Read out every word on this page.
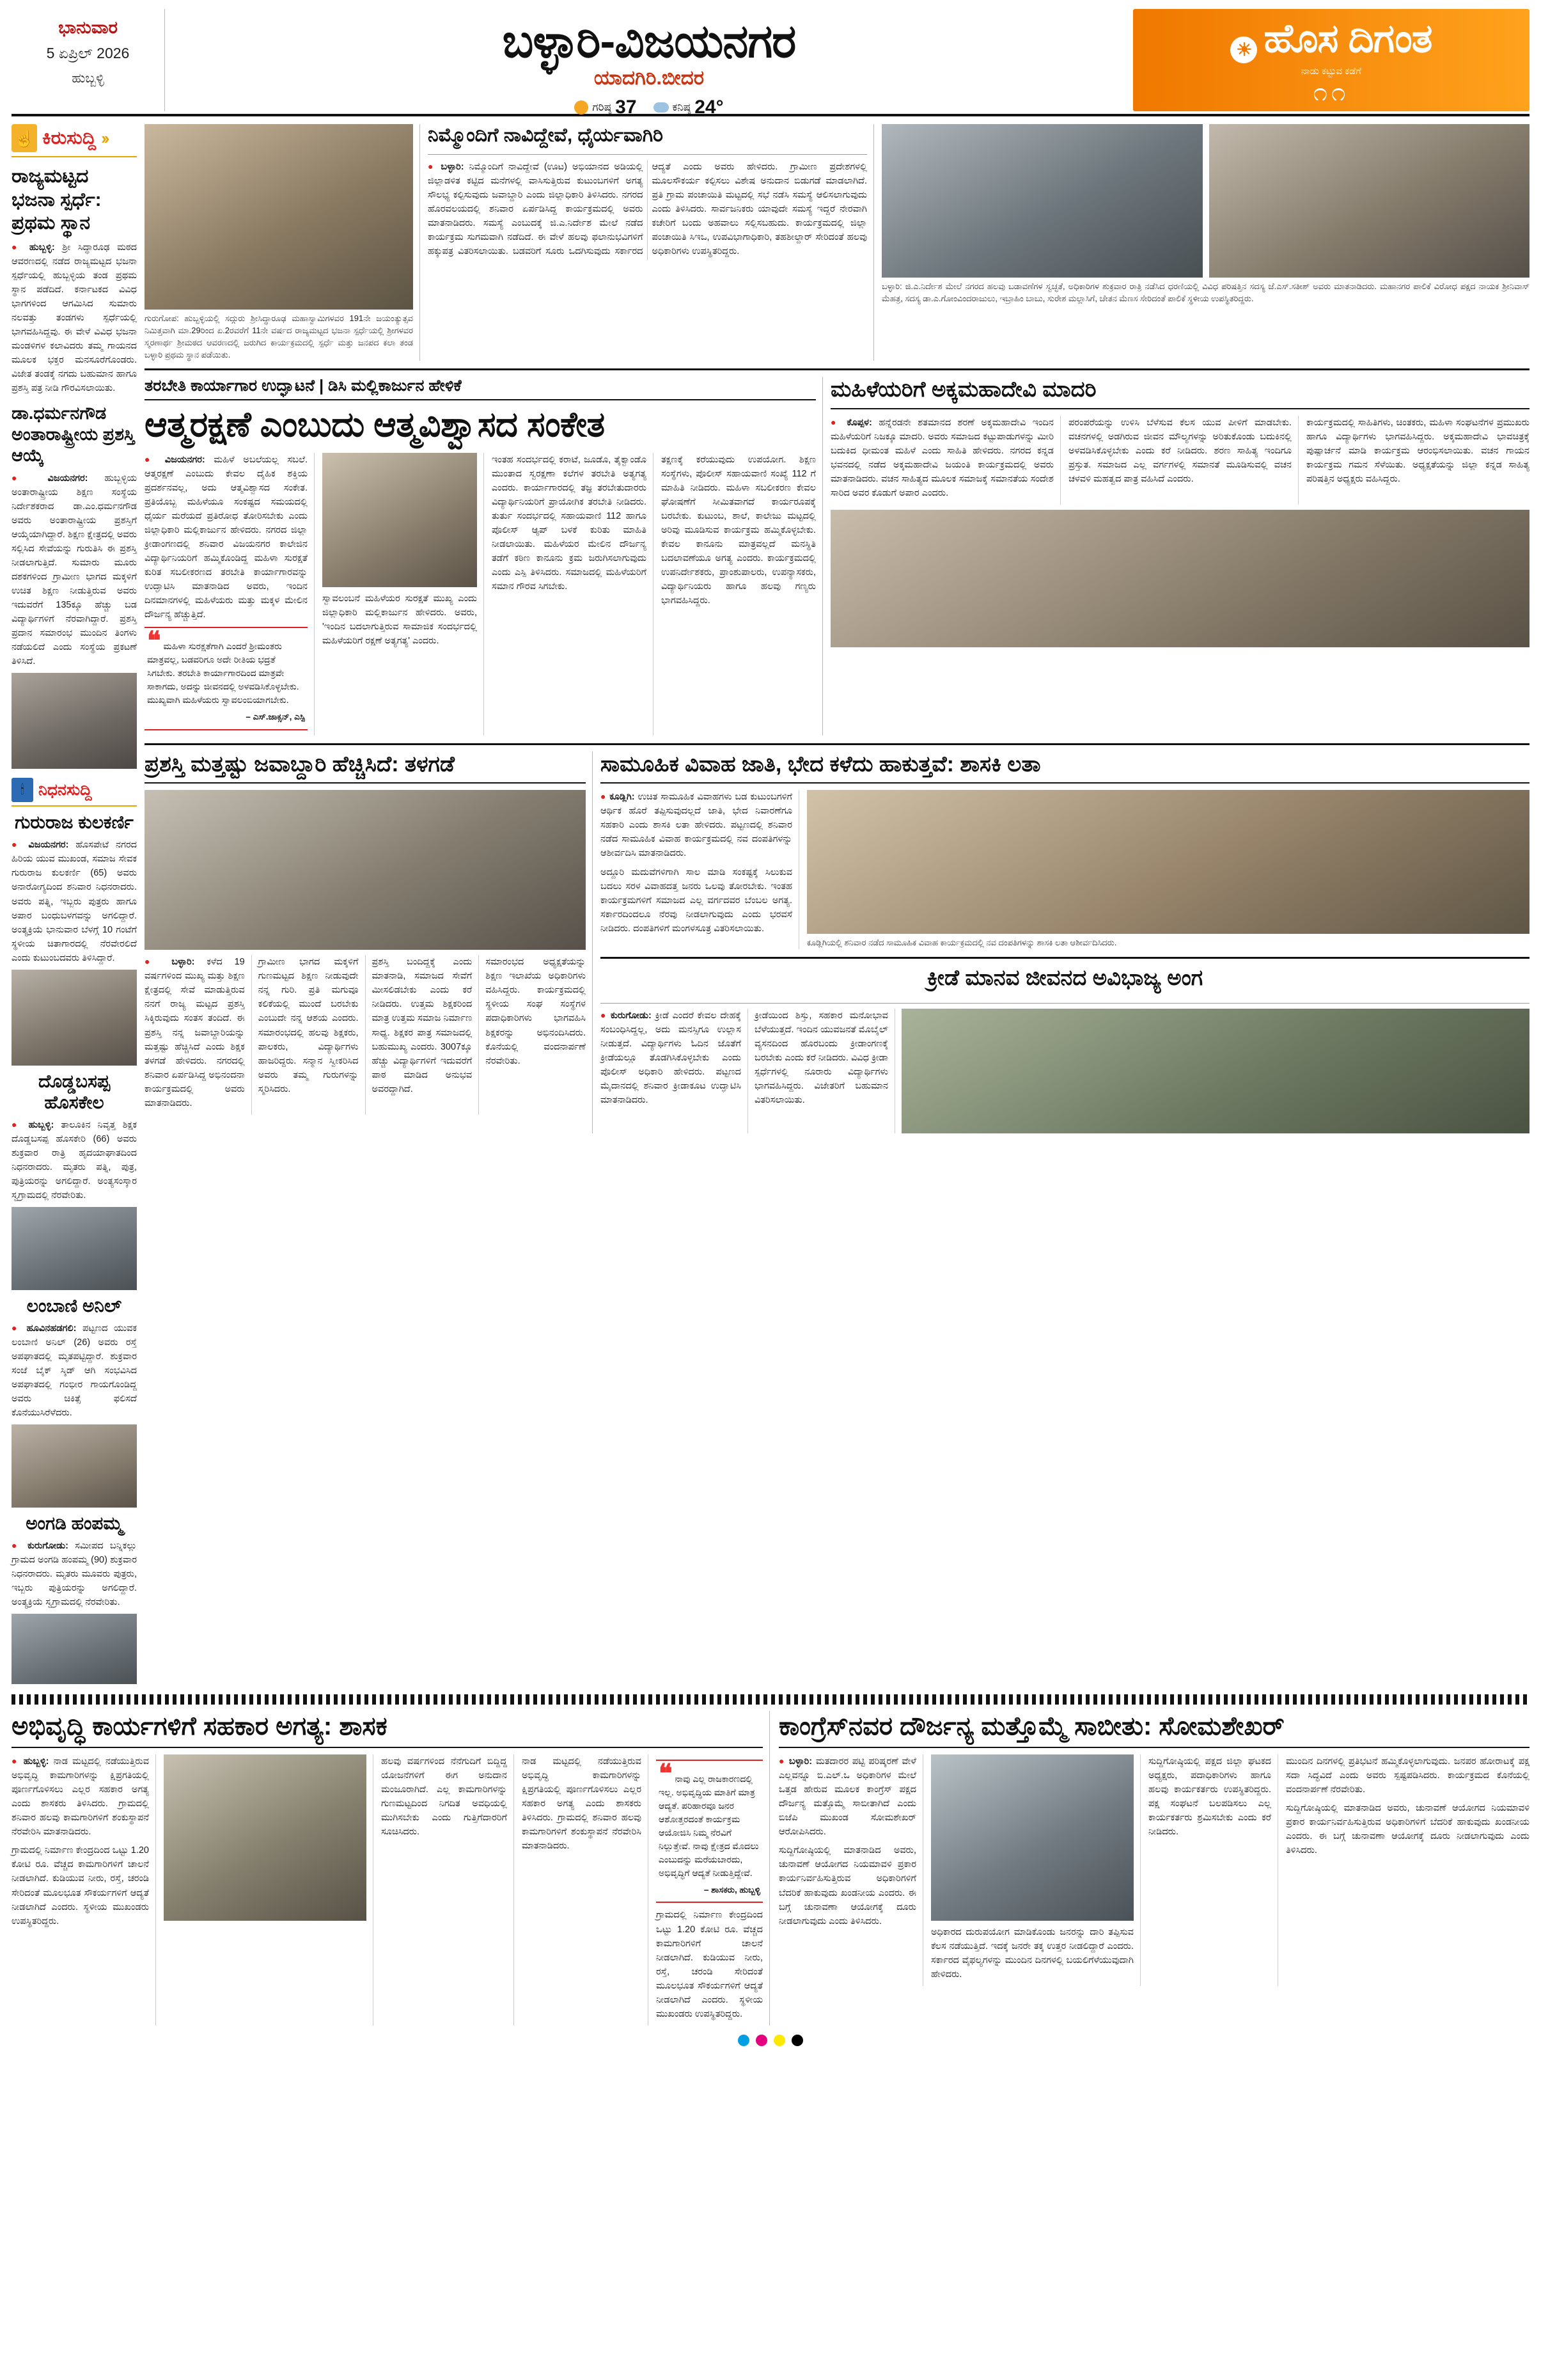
ಭಾನುವಾರ
5 ಏಪ್ರಿಲ್ 2026
ಹುಬ್ಬಳ್ಳಿ
ಬಳ್ಳಾರಿ-ವಿಜಯನಗರ
ಯಾದಗಿರಿ.ಬೀದರ
ಗರಿಷ್ಠ 37	ಕನಿಷ್ಠ 24°
☀ ಹೊಸ ದಿಗಂತ
ನಾಡು ಕಟ್ಟುವ ಕಡೆಗೆ
೧೧
☝
ಕಿರುಸುದ್ದಿ ››
ರಾಜ್ಯಮಟ್ಟದ ಭಜನಾ ಸ್ಪರ್ಧೆ: ಪ್ರಥಮ ಸ್ಥಾನ

● ಹುಬ್ಬಳ್ಳಿ: ಶ್ರೀ ಸಿದ್ಧಾರೂಢ ಮಠದ ಆವರಣದಲ್ಲಿ ನಡೆದ ರಾಜ್ಯಮಟ್ಟದ ಭಜನಾ ಸ್ಪರ್ಧೆಯಲ್ಲಿ ಹುಬ್ಬಳ್ಳಿಯ ತಂಡ ಪ್ರಥಮ ಸ್ಥಾನ ಪಡೆದಿದೆ. ಕರ್ನಾಟಕದ ವಿವಿಧ ಭಾಗಗಳಿಂದ ಆಗಮಿಸಿದ ಸುಮಾರು ನಲವತ್ತು ತಂಡಗಳು ಸ್ಪರ್ಧೆಯಲ್ಲಿ ಭಾಗವಹಿಸಿದ್ದವು. ಈ ವೇಳೆ ವಿವಿಧ ಭಜನಾ ಮಂಡಳಿಗಳ ಕಲಾವಿದರು ತಮ್ಮ ಗಾಯನದ ಮೂಲಕ ಭಕ್ತರ ಮನಸೂರೆಗೊಂಡರು. ವಿಜೇತ ತಂಡಕ್ಕೆ ನಗದು ಬಹುಮಾನ ಹಾಗೂ ಪ್ರಶಸ್ತಿ ಪತ್ರ ನೀಡಿ ಗೌರವಿಸಲಾಯಿತು.

ಡಾ.ಧರ್ಮನಗೌಡ ಅಂತಾರಾಷ್ಟ್ರೀಯ ಪ್ರಶಸ್ತಿ ಆಯ್ಕೆ

● ವಿಜಯನಗರ: ಹುಬ್ಬಳ್ಳಿಯ ಅಂತಾರಾಷ್ಟ್ರೀಯ ಶಿಕ್ಷಣ ಸಂಸ್ಥೆಯ ನಿರ್ದೇಶಕರಾದ ಡಾ.ಎಂ.ಧರ್ಮನಗೌಡ ಅವರು ಅಂತಾರಾಷ್ಟ್ರೀಯ ಪ್ರಶಸ್ತಿಗೆ ಆಯ್ಕೆಯಾಗಿದ್ದಾರೆ. ಶಿಕ್ಷಣ ಕ್ಷೇತ್ರದಲ್ಲಿ ಅವರು ಸಲ್ಲಿಸಿದ ಸೇವೆಯನ್ನು ಗುರುತಿಸಿ ಈ ಪ್ರಶಸ್ತಿ ನೀಡಲಾಗುತ್ತಿದೆ. ಸುಮಾರು ಮೂರು ದಶಕಗಳಿಂದ ಗ್ರಾಮೀಣ ಭಾಗದ ಮಕ್ಕಳಿಗೆ ಉಚಿತ ಶಿಕ್ಷಣ ನೀಡುತ್ತಿರುವ ಅವರು ಇದುವರೆಗೆ 135ಕ್ಕೂ ಹೆಚ್ಚು ಬಡ ವಿದ್ಯಾರ್ಥಿಗಳಿಗೆ ನೆರವಾಗಿದ್ದಾರೆ. ಪ್ರಶಸ್ತಿ ಪ್ರದಾನ ಸಮಾರಂಭ ಮುಂದಿನ ತಿಂಗಳು ನಡೆಯಲಿದೆ ಎಂದು ಸಂಸ್ಥೆಯ ಪ್ರಕಟಣೆ ತಿಳಿಸಿದೆ.

🕯
ನಿಧನಸುದ್ದಿ
ಗುರುರಾಜ ಕುಲಕರ್ಣಿ

● ವಿಜಯನಗರ: ಹೊಸಪೇಟೆ ನಗರದ ಹಿರಿಯ ಯುವ ಮುಖಂಡ, ಸಮಾಜ ಸೇವಕ ಗುರುರಾಜ ಕುಲಕರ್ಣಿ (65) ಅವರು ಅನಾರೋಗ್ಯದಿಂದ ಶನಿವಾರ ನಿಧನರಾದರು. ಅವರು ಪತ್ನಿ, ಇಬ್ಬರು ಪುತ್ರರು ಹಾಗೂ ಅಪಾರ ಬಂಧುಬಳಗವನ್ನು ಅಗಲಿದ್ದಾರೆ. ಅಂತ್ಯಕ್ರಿಯೆ ಭಾನುವಾರ ಬೆಳಗ್ಗೆ 10 ಗಂಟೆಗೆ ಸ್ಥಳೀಯ ಚಿತಾಗಾರದಲ್ಲಿ ನೆರವೇರಲಿದೆ ಎಂದು ಕುಟುಂಬದವರು ತಿಳಿಸಿದ್ದಾರೆ.

ದೊಡ್ಡಬಸಪ್ಪ ಹೊಸಕೇಲ

● ಹುಬ್ಬಳ್ಳಿ: ತಾಲೂಕಿನ ನಿವೃತ್ತ ಶಿಕ್ಷಕ ದೊಡ್ಡಬಸಪ್ಪ ಹೊಸಕೇರಿ (66) ಅವರು ಶುಕ್ರವಾರ ರಾತ್ರಿ ಹೃದಯಾಘಾತದಿಂದ ನಿಧನರಾದರು. ಮೃತರು ಪತ್ನಿ, ಪುತ್ರ, ಪುತ್ರಿಯರನ್ನು ಅಗಲಿದ್ದಾರೆ. ಅಂತ್ಯಸಂಸ್ಕಾರ ಸ್ವಗ್ರಾಮದಲ್ಲಿ ನೆರವೇರಿತು.

ಲಂಬಾಣಿ ಅನಿಲ್

● ಹೂವಿನಹಡಗಲಿ: ಪಟ್ಟಣದ ಯುವಕ ಲಂಬಾಣಿ ಅನಿಲ್ (26) ಅವರು ರಸ್ತೆ ಅಪಘಾತದಲ್ಲಿ ಮೃತಪಟ್ಟಿದ್ದಾರೆ. ಶುಕ್ರವಾರ ಸಂಜೆ ಬೈಕ್ ಸ್ಕಿಡ್ ಆಗಿ ಸಂಭವಿಸಿದ ಅಪಘಾತದಲ್ಲಿ ಗಂಭೀರ ಗಾಯಗೊಂಡಿದ್ದ ಅವರು ಚಿಕಿತ್ಸೆ ಫಲಿಸದೆ ಕೊನೆಯುಸಿರೆಳೆದರು.

ಅಂಗಡಿ ಹಂಪಮ್ಮ

● ಕುರುಗೋಡು: ಸಮೀಪದ ಬನ್ನಿಕಲ್ಲು ಗ್ರಾಮದ ಅಂಗಡಿ ಹಂಪಮ್ಮ (90) ಶುಕ್ರವಾರ ನಿಧನರಾದರು. ಮೃತರು ಮೂವರು ಪುತ್ರರು, ಇಬ್ಬರು ಪುತ್ರಿಯರನ್ನು ಅಗಲಿದ್ದಾರೆ. ಅಂತ್ಯಕ್ರಿಯೆ ಸ್ವಗ್ರಾಮದಲ್ಲಿ ನೆರವೇರಿತು.

ಗುರುಗೋಪ: ಹುಬ್ಬಳ್ಳಿಯಲ್ಲಿ ಸದ್ಗುರು ಶ್ರೀಸಿದ್ಧಾರೂಢ ಮಹಾಸ್ವಾಮಿಗಳವರ 191ನೇ ಜಯಂತ್ಯುತ್ಸವ ನಿಮಿತ್ತವಾಗಿ ಮಾ.29ರಿಂದ ಏ.2ರವರೆಗೆ 11ನೇ ವರ್ಷದ ರಾಜ್ಯಮಟ್ಟದ ಭಜನಾ ಸ್ಪರ್ಧೆಯಲ್ಲಿ ಶ್ರೀಗಳವರ ಸ್ಮರಣಾರ್ಥ ಶ್ರೀಮಠದ ಆವರಣದಲ್ಲಿ ಜರುಗಿದ ಕಾರ್ಯಕ್ರಮದಲ್ಲಿ ಸ್ಪರ್ಧೆ ಮತ್ತು ಜನಪದ ಕಲಾ ತಂಡ ಬಳ್ಳಾರಿ ಪ್ರಥಮ ಸ್ಥಾನ ಪಡೆಯಿತು.
ನಿಮ್ಮೊಂದಿಗೆ ನಾವಿದ್ದೇವೆ, ಧೈರ್ಯವಾಗಿರಿ

● ಬಳ್ಳಾರಿ: ನಿಮ್ಮೊಂದಿಗೆ ನಾವಿದ್ದೇವೆ (ಊಟ) ಅಭಿಯಾನದ ಅಡಿಯಲ್ಲಿ ಜಿಲ್ಲಾಡಳಿತ ಕಟ್ಟಿದ ಮನೆಗಳಲ್ಲಿ ವಾಸಿಸುತ್ತಿರುವ ಕುಟುಂಬಗಳಿಗೆ ಅಗತ್ಯ ಸೌಲಭ್ಯ ಕಲ್ಪಿಸುವುದು ಜವಾಬ್ದಾರಿ ಎಂದು ಜಿಲ್ಲಾಧಿಕಾರಿ ತಿಳಿಸಿದರು. ನಗರದ ಹೊರವಲಯದಲ್ಲಿ ಶನಿವಾರ ಏರ್ಪಡಿಸಿದ್ದ ಕಾರ್ಯಕ್ರಮದಲ್ಲಿ ಅವರು ಮಾತನಾಡಿದರು. ಸಮಸ್ಯೆ ಎಂಬುದಕ್ಕೆ ಜಿ.ಎ.ನಿರ್ದೇಶ ಮೇಲೆ ನಡೆದ ಕಾರ್ಯಕ್ರಮ ಸುಗಮವಾಗಿ ನಡೆದಿದೆ. ಈ ವೇಳೆ ಹಲವು ಫಲಾನುಭವಿಗಳಿಗೆ ಹಕ್ಕುಪತ್ರ ವಿತರಿಸಲಾಯಿತು. ಬಡವರಿಗೆ ಸೂರು ಒದಗಿಸುವುದು ಸರ್ಕಾರದ ಆದ್ಯತೆ ಎಂದು ಅವರು ಹೇಳಿದರು. ಗ್ರಾಮೀಣ ಪ್ರದೇಶಗಳಲ್ಲಿ ಮೂಲಸೌಕರ್ಯ ಕಲ್ಪಿಸಲು ವಿಶೇಷ ಅನುದಾನ ಬಿಡುಗಡೆ ಮಾಡಲಾಗಿದೆ. ಪ್ರತಿ ಗ್ರಾಮ ಪಂಚಾಯಿತಿ ಮಟ್ಟದಲ್ಲಿ ಸಭೆ ನಡೆಸಿ ಸಮಸ್ಯೆ ಆಲಿಸಲಾಗುವುದು ಎಂದು ತಿಳಿಸಿದರು. ಸಾರ್ವಜನಿಕರು ಯಾವುದೇ ಸಮಸ್ಯೆ ಇದ್ದರೆ ನೇರವಾಗಿ ಕಚೇರಿಗೆ ಬಂದು ಅಹವಾಲು ಸಲ್ಲಿಸಬಹುದು. ಕಾರ್ಯಕ್ರಮದಲ್ಲಿ ಜಿಲ್ಲಾ ಪಂಚಾಯಿತಿ ಸಿಇಒ, ಉಪವಿಭಾಗಾಧಿಕಾರಿ, ತಹಶೀಲ್ದಾರ್ ಸೇರಿದಂತೆ ಹಲವು ಅಧಿಕಾರಿಗಳು ಉಪಸ್ಥಿತರಿದ್ದರು.

ಬಳ್ಳಾರಿ: ಜಿ.ಎ.ನಿರ್ದೇಶ ಮೇಲೆ ನಗರದ ಹಲವು ಬಡಾವಣೆಗಳ ಸ್ವಚ್ಛತೆ, ಅಧಿಕಾರಿಗಳ ಶುಕ್ರವಾರ ರಾತ್ರಿ ನಡೆಸಿದ ಧರಣಿಯಲ್ಲಿ ವಿವಿಧ ಪರಿಷತ್ತಿನ ಸದಸ್ಯ ಜೆ.ಎಸ್.ಸತೀಶ್ ಅವರು ಮಾತನಾಡಿದರು. ಮಹಾನಗರ ಪಾಲಿಕೆ ವಿರೋಧ ಪಕ್ಷದ ನಾಯಕ ಶ್ರೀನಿವಾಸ್ ಮೆಹತ್ರ, ಸದಸ್ಯ ಡಾ.ಎ.ಗೋಂವಿಂದರಾಜುಲು, ಇಬ್ರಾಹಿಂ ಬಾಬು, ಸುರೇಶ ಮಲ್ಲಾಸಿಗೆ, ಚೇತನ ಮೆಣಸ ಸೇರಿದಂತೆ ಪಾಲಿಕೆ ಸ್ಥಳೀಯ ಉಪಸ್ಥಿತರಿದ್ದರು.
ತರಬೇತಿ ಕಾರ್ಯಾಗಾರ ಉದ್ಘಾಟನೆ | ಡಿಸಿ ಮಲ್ಲಿಕಾರ್ಜುನ ಹೇಳಿಕೆ
ಆತ್ಮರಕ್ಷಣೆ ಎಂಬುದು ಆತ್ಮವಿಶ್ವಾಸದ ಸಂಕೇತ

● ವಿಜಯನಗರ: ಮಹಿಳೆ ಅಬಲೆಯಲ್ಲ ಸಬಲೆ. ಆತ್ಮರಕ್ಷಣೆ ಎಂಬುದು ಕೇವಲ ದೈಹಿಕ ಶಕ್ತಿಯ ಪ್ರದರ್ಶನವಲ್ಲ, ಅದು ಆತ್ಮವಿಶ್ವಾಸದ ಸಂಕೇತ. ಪ್ರತಿಯೊಬ್ಬ ಮಹಿಳೆಯೂ ಸಂಕಷ್ಟದ ಸಮಯದಲ್ಲಿ ಧೈರ್ಯ ಮರೆಯದೆ ಪ್ರತಿರೋಧ ತೋರಿಸಬೇಕು ಎಂದು ಜಿಲ್ಲಾಧಿಕಾರಿ ಮಲ್ಲಿಕಾರ್ಜುನ ಹೇಳಿದರು. ನಗರದ ಜಿಲ್ಲಾ ಕ್ರೀಡಾಂಗಣದಲ್ಲಿ ಶನಿವಾರ ವಿಜಯನಗರ ಕಾಲೇಜಿನ ವಿದ್ಯಾರ್ಥಿನಿಯರಿಗೆ ಹಮ್ಮಿಕೊಂಡಿದ್ದ ಮಹಿಳಾ ಸುರಕ್ಷತೆ ಕುರಿತ ಸಬಲೀಕರಣದ ತರಬೇತಿ ಕಾರ್ಯಾಗಾರವನ್ನು ಉದ್ಘಾಟಿಸಿ ಮಾತನಾಡಿದ ಅವರು, ಇಂದಿನ ದಿನಮಾನಗಳಲ್ಲಿ ಮಹಿಳೆಯರು ಮತ್ತು ಮಕ್ಕಳ ಮೇಲಿನ ದೌರ್ಜನ್ಯ ಹೆಚ್ಚುತ್ತಿದೆ.

❝ ಮಹಿಳಾ ಸುರಕ್ಷತೆಗಾಗಿ ಎಂದರೆ ಶ್ರೀಮಂತರು ಮಾತ್ರವಲ್ಲ, ಬಡವರಿಗೂ ಅದೇ ರೀತಿಯ ಭದ್ರತೆ ಸಿಗಬೇಕು. ತರಬೇತಿ ಕಾರ್ಯಾಗಾರದಿಂದ ಮಾತ್ರವೇ ಸಾಕಾಗದು, ಅದನ್ನು ಜೀವನದಲ್ಲಿ ಅಳವಡಿಸಿಕೊಳ್ಳಬೇಕು. ಮುಖ್ಯವಾಗಿ ಮಹಿಳೆಯರು ಸ್ವಾವಲಂಬಿಯಾಗಬೇಕು.
– ಎಸ್.ಜಾಕ್ಸನ್, ಎಸ್ಪಿ

ಸ್ವಾವಲಂಬನೆ ಮಹಿಳೆಯರ ಸುರಕ್ಷತೆ ಮುಖ್ಯ ಎಂದು ಜಿಲ್ಲಾಧಿಕಾರಿ ಮಲ್ಲಿಕಾರ್ಜುನ ಹೇಳಿದರು. ಅವರು, 'ಇಂದಿನ ಬದಲಾಗುತ್ತಿರುವ ಸಾಮಾಜಿಕ ಸಂದರ್ಭದಲ್ಲಿ ಮಹಿಳೆಯರಿಗೆ ರಕ್ಷಣೆ ಅತ್ಯಗತ್ಯ' ಎಂದರು.

ಇಂತಹ ಸಂದರ್ಭದಲ್ಲಿ ಕರಾಟೆ, ಜೂಡೊ, ತೈಕ್ವಾಂಡೊ ಮುಂತಾದ ಸ್ವರಕ್ಷಣಾ ಕಲೆಗಳ ತರಬೇತಿ ಅತ್ಯಗತ್ಯ ಎಂದರು. ಕಾರ್ಯಾಗಾರದಲ್ಲಿ ತಜ್ಞ ತರಬೇತುದಾರರು ವಿದ್ಯಾರ್ಥಿನಿಯರಿಗೆ ಪ್ರಾಯೋಗಿಕ ತರಬೇತಿ ನೀಡಿದರು. ತುರ್ತು ಸಂದರ್ಭದಲ್ಲಿ ಸಹಾಯವಾಣಿ 112 ಹಾಗೂ ಪೊಲೀಸ್ ಆ್ಯಪ್ ಬಳಕೆ ಕುರಿತು ಮಾಹಿತಿ ನೀಡಲಾಯಿತು. ಮಹಿಳೆಯರ ಮೇಲಿನ ದೌರ್ಜನ್ಯ ತಡೆಗೆ ಕಠಿಣ ಕಾನೂನು ಕ್ರಮ ಜರುಗಿಸಲಾಗುವುದು ಎಂದು ಎಸ್ಪಿ ತಿಳಿಸಿದರು. ಸಮಾಜದಲ್ಲಿ ಮಹಿಳೆಯರಿಗೆ ಸಮಾನ ಗೌರವ ಸಿಗಬೇಕು.

ತಕ್ಷಣಕ್ಕೆ ಕರೆಯುವುದು ಉಪಯೋಗ. ಶಿಕ್ಷಣ ಸಂಸ್ಥೆಗಳು, ಪೊಲೀಸ್ ಸಹಾಯವಾಣಿ ಸಂಖ್ಯೆ 112 ಗೆ ಮಾಹಿತಿ ನೀಡಿದರು. ಮಹಿಳಾ ಸಬಲೀಕರಣ ಕೇವಲ ಘೋಷಣೆಗೆ ಸೀಮಿತವಾಗದೆ ಕಾರ್ಯರೂಪಕ್ಕೆ ಬರಬೇಕು. ಕುಟುಂಬ, ಶಾಲೆ, ಕಾಲೇಜು ಮಟ್ಟದಲ್ಲಿ ಅರಿವು ಮೂಡಿಸುವ ಕಾರ್ಯಕ್ರಮ ಹಮ್ಮಿಕೊಳ್ಳಬೇಕು. ಕೇವಲ ಕಾನೂನು ಮಾತ್ರವಲ್ಲದೆ ಮನಸ್ಥಿತಿ ಬದಲಾವಣೆಯೂ ಅಗತ್ಯ ಎಂದರು. ಕಾರ್ಯಕ್ರಮದಲ್ಲಿ ಉಪನಿರ್ದೇಶಕರು, ಪ್ರಾಂಶುಪಾಲರು, ಉಪನ್ಯಾಸಕರು, ವಿದ್ಯಾರ್ಥಿನಿಯರು ಹಾಗೂ ಹಲವು ಗಣ್ಯರು ಭಾಗವಹಿಸಿದ್ದರು.

ಮಹಿಳೆಯರಿಗೆ ಅಕ್ಕಮಹಾದೇವಿ ಮಾದರಿ

● ಕೊಪ್ಪಳ: ಹನ್ನೆರಡನೇ ಶತಮಾನದ ಶರಣೆ ಅಕ್ಕಮಹಾದೇವಿ ಇಂದಿನ ಮಹಿಳೆಯರಿಗೆ ನಿಜಕ್ಕೂ ಮಾದರಿ. ಅವರು ಸಮಾಜದ ಕಟ್ಟುಪಾಡುಗಳನ್ನು ಮೀರಿ ಬದುಕಿದ ಧೀಮಂತ ಮಹಿಳೆ ಎಂದು ಸಾಹಿತಿ ಹೇಳಿದರು. ನಗರದ ಕನ್ನಡ ಭವನದಲ್ಲಿ ನಡೆದ ಅಕ್ಕಮಹಾದೇವಿ ಜಯಂತಿ ಕಾರ್ಯಕ್ರಮದಲ್ಲಿ ಅವರು ಮಾತನಾಡಿದರು. ವಚನ ಸಾಹಿತ್ಯದ ಮೂಲಕ ಸಮಾಜಕ್ಕೆ ಸಮಾನತೆಯ ಸಂದೇಶ ಸಾರಿದ ಅವರ ಕೊಡುಗೆ ಅಪಾರ ಎಂದರು.

ಪರಂಪರೆಯನ್ನು ಉಳಿಸಿ ಬೆಳೆಸುವ ಕೆಲಸ ಯುವ ಪೀಳಿಗೆ ಮಾಡಬೇಕು. ವಚನಗಳಲ್ಲಿ ಅಡಗಿರುವ ಜೀವನ ಮೌಲ್ಯಗಳನ್ನು ಅರಿತುಕೊಂಡು ಬದುಕಿನಲ್ಲಿ ಅಳವಡಿಸಿಕೊಳ್ಳಬೇಕು ಎಂದು ಕರೆ ನೀಡಿದರು. ಶರಣ ಸಾಹಿತ್ಯ ಇಂದಿಗೂ ಪ್ರಸ್ತುತ. ಸಮಾಜದ ಎಲ್ಲ ವರ್ಗಗಳಲ್ಲಿ ಸಮಾನತೆ ಮೂಡಿಸುವಲ್ಲಿ ವಚನ ಚಳವಳಿ ಮಹತ್ವದ ಪಾತ್ರ ವಹಿಸಿದೆ ಎಂದರು.

ಕಾರ್ಯಕ್ರಮದಲ್ಲಿ ಸಾಹಿತಿಗಳು, ಚಿಂತಕರು, ಮಹಿಳಾ ಸಂಘಟನೆಗಳ ಪ್ರಮುಖರು ಹಾಗೂ ವಿದ್ಯಾರ್ಥಿಗಳು ಭಾಗವಹಿಸಿದ್ದರು. ಅಕ್ಕಮಹಾದೇವಿ ಭಾವಚಿತ್ರಕ್ಕೆ ಪುಷ್ಪಾರ್ಚನೆ ಮಾಡಿ ಕಾರ್ಯಕ್ರಮ ಆರಂಭಿಸಲಾಯಿತು. ವಚನ ಗಾಯನ ಕಾರ್ಯಕ್ರಮ ಗಮನ ಸೆಳೆಯಿತು. ಅಧ್ಯಕ್ಷತೆಯನ್ನು ಜಿಲ್ಲಾ ಕನ್ನಡ ಸಾಹಿತ್ಯ ಪರಿಷತ್ತಿನ ಅಧ್ಯಕ್ಷರು ವಹಿಸಿದ್ದರು.

ಪ್ರಶಸ್ತಿ ಮತ್ತಷ್ಟು ಜವಾಬ್ದಾರಿ ಹೆಚ್ಚಿಸಿದೆ: ತಳಗಡೆ

● ಬಳ್ಳಾರಿ: ಕಳೆದ 19 ವರ್ಷಗಳಿಂದ ಮುಖ್ಯ ಮತ್ತು ಶಿಕ್ಷಣ ಕ್ಷೇತ್ರದಲ್ಲಿ ಸೇವೆ ಮಾಡುತ್ತಿರುವ ನನಗೆ ರಾಜ್ಯ ಮಟ್ಟದ ಪ್ರಶಸ್ತಿ ಸಿಕ್ಕಿರುವುದು ಸಂತಸ ತಂದಿದೆ. ಈ ಪ್ರಶಸ್ತಿ ನನ್ನ ಜವಾಬ್ದಾರಿಯನ್ನು ಮತ್ತಷ್ಟು ಹೆಚ್ಚಿಸಿದೆ ಎಂದು ಶಿಕ್ಷಕ ತಳಗಡೆ ಹೇಳಿದರು. ನಗರದಲ್ಲಿ ಶನಿವಾರ ಏರ್ಪಡಿಸಿದ್ದ ಅಭಿನಂದನಾ ಕಾರ್ಯಕ್ರಮದಲ್ಲಿ ಅವರು ಮಾತನಾಡಿದರು.

ಗ್ರಾಮೀಣ ಭಾಗದ ಮಕ್ಕಳಿಗೆ ಗುಣಮಟ್ಟದ ಶಿಕ್ಷಣ ನೀಡುವುದೇ ನನ್ನ ಗುರಿ. ಪ್ರತಿ ಮಗುವೂ ಕಲಿಕೆಯಲ್ಲಿ ಮುಂದೆ ಬರಬೇಕು ಎಂಬುದೇ ನನ್ನ ಆಶಯ ಎಂದರು. ಸಮಾರಂಭದಲ್ಲಿ ಹಲವು ಶಿಕ್ಷಕರು, ಪಾಲಕರು, ವಿದ್ಯಾರ್ಥಿಗಳು ಹಾಜರಿದ್ದರು. ಸನ್ಮಾನ ಸ್ವೀಕರಿಸಿದ ಅವರು ತಮ್ಮ ಗುರುಗಳನ್ನು ಸ್ಮರಿಸಿದರು.

ಪ್ರಶಸ್ತಿ ಬಂದಿದ್ದಕ್ಕೆ ಎಂದು ಮಾತನಾಡಿ, ಸಮಾಜದ ಸೇವೆಗೆ ಮೀಸಲಿಡಬೇಕು ಎಂದು ಕರೆ ನೀಡಿದರು. ಉತ್ತಮ ಶಿಕ್ಷಕರಿಂದ ಮಾತ್ರ ಉತ್ತಮ ಸಮಾಜ ನಿರ್ಮಾಣ ಸಾಧ್ಯ. ಶಿಕ್ಷಕರ ಪಾತ್ರ ಸಮಾಜದಲ್ಲಿ ಬಹುಮುಖ್ಯ ಎಂದರು. 3007ಕ್ಕೂ ಹೆಚ್ಚು ವಿದ್ಯಾರ್ಥಿಗಳಿಗೆ ಇದುವರೆಗೆ ಪಾಠ ಮಾಡಿದ ಅನುಭವ ಅವರದ್ದಾಗಿದೆ.

ಸಮಾರಂಭದ ಅಧ್ಯಕ್ಷತೆಯನ್ನು ಶಿಕ್ಷಣ ಇಲಾಖೆಯ ಅಧಿಕಾರಿಗಳು ವಹಿಸಿದ್ದರು. ಕಾರ್ಯಕ್ರಮದಲ್ಲಿ ಸ್ಥಳೀಯ ಸಂಘ ಸಂಸ್ಥೆಗಳ ಪದಾಧಿಕಾರಿಗಳು ಭಾಗವಹಿಸಿ ಶಿಕ್ಷಕರನ್ನು ಅಭಿನಂದಿಸಿದರು. ಕೊನೆಯಲ್ಲಿ ವಂದನಾರ್ಪಣೆ ನೆರವೇರಿತು.

ಸಾಮೂಹಿಕ ವಿವಾಹ ಜಾತಿ, ಭೇದ ಕಳೆದು ಹಾಕುತ್ತವೆ: ಶಾಸಕಿ ಲತಾ

● ಕೂಡ್ಲಿಗಿ: ಉಚಿತ ಸಾಮೂಹಿಕ ವಿವಾಹಗಳು ಬಡ ಕುಟುಂಬಗಳಿಗೆ ಆರ್ಥಿಕ ಹೊರೆ ತಪ್ಪಿಸುವುದಲ್ಲದೆ ಜಾತಿ, ಭೇದ ನಿವಾರಣೆಗೂ ಸಹಕಾರಿ ಎಂದು ಶಾಸಕಿ ಲತಾ ಹೇಳಿದರು. ಪಟ್ಟಣದಲ್ಲಿ ಶನಿವಾರ ನಡೆದ ಸಾಮೂಹಿಕ ವಿವಾಹ ಕಾರ್ಯಕ್ರಮದಲ್ಲಿ ನವ ದಂಪತಿಗಳನ್ನು ಆಶೀರ್ವದಿಸಿ ಮಾತನಾಡಿದರು.

ಅದ್ದೂರಿ ಮದುವೆಗಳಿಗಾಗಿ ಸಾಲ ಮಾಡಿ ಸಂಕಷ್ಟಕ್ಕೆ ಸಿಲುಕುವ ಬದಲು ಸರಳ ವಿವಾಹದತ್ತ ಜನರು ಒಲವು ತೋರಬೇಕು. ಇಂತಹ ಕಾರ್ಯಕ್ರಮಗಳಿಗೆ ಸಮಾಜದ ಎಲ್ಲ ವರ್ಗದವರ ಬೆಂಬಲ ಅಗತ್ಯ. ಸರ್ಕಾರದಿಂದಲೂ ನೆರವು ನೀಡಲಾಗುವುದು ಎಂದು ಭರವಸೆ ನೀಡಿದರು. ದಂಪತಿಗಳಿಗೆ ಮಂಗಳಸೂತ್ರ ವಿತರಿಸಲಾಯಿತು.

ಕೂಡ್ಲಿಗಿಯಲ್ಲಿ ಶನಿವಾರ ನಡೆದ ಸಾಮೂಹಿಕ ವಿವಾಹ ಕಾರ್ಯಕ್ರಮದಲ್ಲಿ ನವ ದಂಪತಿಗಳನ್ನು ಶಾಸಕಿ ಲತಾ ಆಶೀರ್ವದಿಸಿದರು.
ಕ್ರೀಡೆ ಮಾನವ ಜೀವನದ ಅವಿಭಾಜ್ಯ ಅಂಗ

● ಕುರುಗೋಡು: ಕ್ರೀಡೆ ಎಂದರೆ ಕೇವಲ ದೇಹಕ್ಕೆ ಸಂಬಂಧಿಸಿದ್ದಲ್ಲ, ಅದು ಮನಸ್ಸಿಗೂ ಉಲ್ಲಾಸ ನೀಡುತ್ತದೆ. ವಿದ್ಯಾರ್ಥಿಗಳು ಓದಿನ ಜೊತೆಗೆ ಕ್ರೀಡೆಯಲ್ಲೂ ತೊಡಗಿಸಿಕೊಳ್ಳಬೇಕು ಎಂದು ಪೊಲೀಸ್ ಅಧಿಕಾರಿ ಹೇಳಿದರು. ಪಟ್ಟಣದ ಮೈದಾನದಲ್ಲಿ ಶನಿವಾರ ಕ್ರೀಡಾಕೂಟ ಉದ್ಘಾಟಿಸಿ ಮಾತನಾಡಿದರು.

ಕ್ರೀಡೆಯಿಂದ ಶಿಸ್ತು, ಸಹಕಾರ ಮನೋಭಾವ ಬೆಳೆಯುತ್ತದೆ. ಇಂದಿನ ಯುವಜನತೆ ಮೊಬೈಲ್ ವ್ಯಸನದಿಂದ ಹೊರಬಂದು ಕ್ರೀಡಾಂಗಣಕ್ಕೆ ಬರಬೇಕು ಎಂದು ಕರೆ ನೀಡಿದರು. ವಿವಿಧ ಕ್ರೀಡಾ ಸ್ಪರ್ಧೆಗಳಲ್ಲಿ ನೂರಾರು ವಿದ್ಯಾರ್ಥಿಗಳು ಭಾಗವಹಿಸಿದ್ದರು. ವಿಜೇತರಿಗೆ ಬಹುಮಾನ ವಿತರಿಸಲಾಯಿತು.

ಅಭಿವೃದ್ಧಿ ಕಾರ್ಯಗಳಿಗೆ ಸಹಕಾರ ಅಗತ್ಯ: ಶಾಸಕ

● ಹುಬ್ಬಳ್ಳಿ: ನಾಡ ಮಟ್ಟದಲ್ಲಿ ನಡೆಯುತ್ತಿರುವ ಅಭಿವೃದ್ಧಿ ಕಾಮಗಾರಿಗಳನ್ನು ಕ್ಷಿಪ್ರಗತಿಯಲ್ಲಿ ಪೂರ್ಣಗೊಳಿಸಲು ಎಲ್ಲರ ಸಹಕಾರ ಅಗತ್ಯ ಎಂದು ಶಾಸಕರು ತಿಳಿಸಿದರು. ಗ್ರಾಮದಲ್ಲಿ ಶನಿವಾರ ಹಲವು ಕಾಮಗಾರಿಗಳಿಗೆ ಶಂಕುಸ್ಥಾಪನೆ ನೆರವೇರಿಸಿ ಮಾತನಾಡಿದರು.

ಗ್ರಾಮದಲ್ಲಿ ನಿರ್ಮಾಣ ಕೇಂದ್ರದಿಂದ ಒಟ್ಟು 1.20 ಕೋಟಿ ರೂ. ವೆಚ್ಚದ ಕಾಮಗಾರಿಗಳಿಗೆ ಚಾಲನೆ ನೀಡಲಾಗಿದೆ. ಕುಡಿಯುವ ನೀರು, ರಸ್ತೆ, ಚರಂಡಿ ಸೇರಿದಂತೆ ಮೂಲಭೂತ ಸೌಕರ್ಯಗಳಿಗೆ ಆದ್ಯತೆ ನೀಡಲಾಗಿದೆ ಎಂದರು. ಸ್ಥಳೀಯ ಮುಖಂಡರು ಉಪಸ್ಥಿತರಿದ್ದರು.

ಹಲವು ವರ್ಷಗಳಿಂದ ನೆನೆಗುದಿಗೆ ಬಿದ್ದಿದ್ದ ಯೋಜನೆಗಳಿಗೆ ಈಗ ಅನುದಾನ ಮಂಜೂರಾಗಿದೆ. ಎಲ್ಲ ಕಾಮಗಾರಿಗಳನ್ನು ಗುಣಮಟ್ಟದಿಂದ ನಿಗದಿತ ಅವಧಿಯಲ್ಲಿ ಮುಗಿಸಬೇಕು ಎಂದು ಗುತ್ತಿಗೆದಾರರಿಗೆ ಸೂಚಿಸಿದರು.

ನಾಡ ಮಟ್ಟದಲ್ಲಿ ನಡೆಯುತ್ತಿರುವ ಅಭಿವೃದ್ಧಿ ಕಾಮಗಾರಿಗಳನ್ನು ಕ್ಷಿಪ್ರಗತಿಯಲ್ಲಿ ಪೂರ್ಣಗೊಳಿಸಲು ಎಲ್ಲರ ಸಹಕಾರ ಅಗತ್ಯ ಎಂದು ಶಾಸಕರು ತಿಳಿಸಿದರು. ಗ್ರಾಮದಲ್ಲಿ ಶನಿವಾರ ಹಲವು ಕಾಮಗಾರಿಗಳಿಗೆ ಶಂಕುಸ್ಥಾಪನೆ ನೆರವೇರಿಸಿ ಮಾತನಾಡಿದರು.

❝ ನಾವು ಎಲ್ಲ ರಾಜಕಾರಣದಲ್ಲಿ ಇಲ್ಲ. ಅಭಿವೃದ್ಧಿಯ ಮಾತಿಗೆ ಮಾತ್ರ ಆದ್ಯತೆ. ಪರಿಹಾರವೂ ಜನರ ಆಶೋತ್ತರದಂತೆ ಕಾರ್ಯಕ್ರಮ ಆಯೋಜಿಸಿ ನಿಮ್ಮ ನೆರವಿಗೆ ನಿಲ್ಲುತ್ತೇವೆ. ನಾವು ಕ್ಷೇತ್ರದ ಮೊದಲು ಎಂಬುದನ್ನು ಮರೆಯಬಾರದು, ಅಭಿವೃದ್ಧಿಗೆ ಆದ್ಯತೆ ನೀಡುತ್ತಿದ್ದೇವೆ.
– ಶಾಸಕರು, ಹುಬ್ಬಳ್ಳಿ

ಗ್ರಾಮದಲ್ಲಿ ನಿರ್ಮಾಣ ಕೇಂದ್ರದಿಂದ ಒಟ್ಟು 1.20 ಕೋಟಿ ರೂ. ವೆಚ್ಚದ ಕಾಮಗಾರಿಗಳಿಗೆ ಚಾಲನೆ ನೀಡಲಾಗಿದೆ. ಕುಡಿಯುವ ನೀರು, ರಸ್ತೆ, ಚರಂಡಿ ಸೇರಿದಂತೆ ಮೂಲಭೂತ ಸೌಕರ್ಯಗಳಿಗೆ ಆದ್ಯತೆ ನೀಡಲಾಗಿದೆ ಎಂದರು. ಸ್ಥಳೀಯ ಮುಖಂಡರು ಉಪಸ್ಥಿತರಿದ್ದರು.

ಕಾಂಗ್ರೆಸ್‌ನವರ ದೌರ್ಜನ್ಯ ಮತ್ತೊಮ್ಮೆ ಸಾಬೀತು: ಸೋಮಶೇಖರ್

● ಬಳ್ಳಾರಿ: ಮತದಾರರ ಪಟ್ಟಿ ಪರಿಷ್ಕರಣೆ ವೇಳೆ ಎಲ್ಲವನ್ನೂ ಬಿ.ಎಲ್.ಒ ಅಧಿಕಾರಿಗಳ ಮೇಲೆ ಒತ್ತಡ ಹೇರುವ ಮೂಲಕ ಕಾಂಗ್ರೆಸ್ ಪಕ್ಷದ ದೌರ್ಜನ್ಯ ಮತ್ತೊಮ್ಮೆ ಸಾಬೀತಾಗಿದೆ ಎಂದು ಬಿಜೆಪಿ ಮುಖಂಡ ಸೋಮಶೇಖರ್ ಆರೋಪಿಸಿದರು.

ಸುದ್ದಿಗೋಷ್ಠಿಯಲ್ಲಿ ಮಾತನಾಡಿದ ಅವರು, ಚುನಾವಣೆ ಆಯೋಗದ ನಿಯಮಾವಳಿ ಪ್ರಕಾರ ಕಾರ್ಯನಿರ್ವಹಿಸುತ್ತಿರುವ ಅಧಿಕಾರಿಗಳಿಗೆ ಬೆದರಿಕೆ ಹಾಕುವುದು ಖಂಡನೀಯ ಎಂದರು. ಈ ಬಗ್ಗೆ ಚುನಾವಣಾ ಆಯೋಗಕ್ಕೆ ದೂರು ನೀಡಲಾಗುವುದು ಎಂದು ತಿಳಿಸಿದರು.

ಅಧಿಕಾರದ ದುರುಪಯೋಗ ಮಾಡಿಕೊಂಡು ಜನರನ್ನು ದಾರಿ ತಪ್ಪಿಸುವ ಕೆಲಸ ನಡೆಯುತ್ತಿದೆ. ಇದಕ್ಕೆ ಜನರೇ ತಕ್ಕ ಉತ್ತರ ನೀಡಲಿದ್ದಾರೆ ಎಂದರು. ಸರ್ಕಾರದ ವೈಫಲ್ಯಗಳನ್ನು ಮುಂದಿನ ದಿನಗಳಲ್ಲಿ ಬಯಲಿಗೆಳೆಯುವುದಾಗಿ ಹೇಳಿದರು.

ಸುದ್ದಿಗೋಷ್ಠಿಯಲ್ಲಿ ಪಕ್ಷದ ಜಿಲ್ಲಾ ಘಟಕದ ಅಧ್ಯಕ್ಷರು, ಪದಾಧಿಕಾರಿಗಳು ಹಾಗೂ ಹಲವು ಕಾರ್ಯಕರ್ತರು ಉಪಸ್ಥಿತರಿದ್ದರು. ಪಕ್ಷ ಸಂಘಟನೆ ಬಲಪಡಿಸಲು ಎಲ್ಲ ಕಾರ್ಯಕರ್ತರು ಶ್ರಮಿಸಬೇಕು ಎಂದು ಕರೆ ನೀಡಿದರು.

ಮುಂದಿನ ದಿನಗಳಲ್ಲಿ ಪ್ರತಿಭಟನೆ ಹಮ್ಮಿಕೊಳ್ಳಲಾಗುವುದು. ಜನಪರ ಹೋರಾಟಕ್ಕೆ ಪಕ್ಷ ಸದಾ ಸಿದ್ಧವಿದೆ ಎಂದು ಅವರು ಸ್ಪಷ್ಟಪಡಿಸಿದರು. ಕಾರ್ಯಕ್ರಮದ ಕೊನೆಯಲ್ಲಿ ವಂದನಾರ್ಪಣೆ ನೆರವೇರಿತು.

ಸುದ್ದಿಗೋಷ್ಠಿಯಲ್ಲಿ ಮಾತನಾಡಿದ ಅವರು, ಚುನಾವಣೆ ಆಯೋಗದ ನಿಯಮಾವಳಿ ಪ್ರಕಾರ ಕಾರ್ಯನಿರ್ವಹಿಸುತ್ತಿರುವ ಅಧಿಕಾರಿಗಳಿಗೆ ಬೆದರಿಕೆ ಹಾಕುವುದು ಖಂಡನೀಯ ಎಂದರು. ಈ ಬಗ್ಗೆ ಚುನಾವಣಾ ಆಯೋಗಕ್ಕೆ ದೂರು ನೀಡಲಾಗುವುದು ಎಂದು ತಿಳಿಸಿದರು.
